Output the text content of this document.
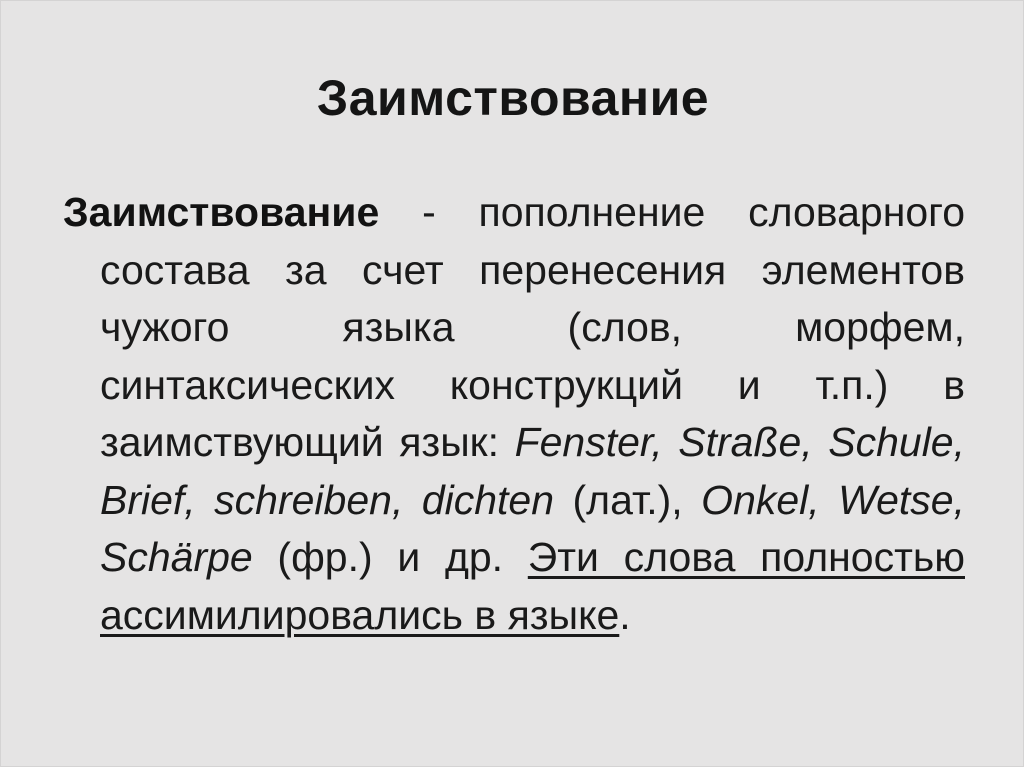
Заимствование
Заимствование - пополнение словарного состава за счет перенесения элементов чужого языка (слов, морфем, синтаксических конструкций и т.п.) в заимствующий язык: Fenster, Straße, Schule, Brief, schreiben, dichten (лат.), Onkel, Wetse, Schärpe (фр.) и др. Эти слова полностью ассимилировались в языке.
